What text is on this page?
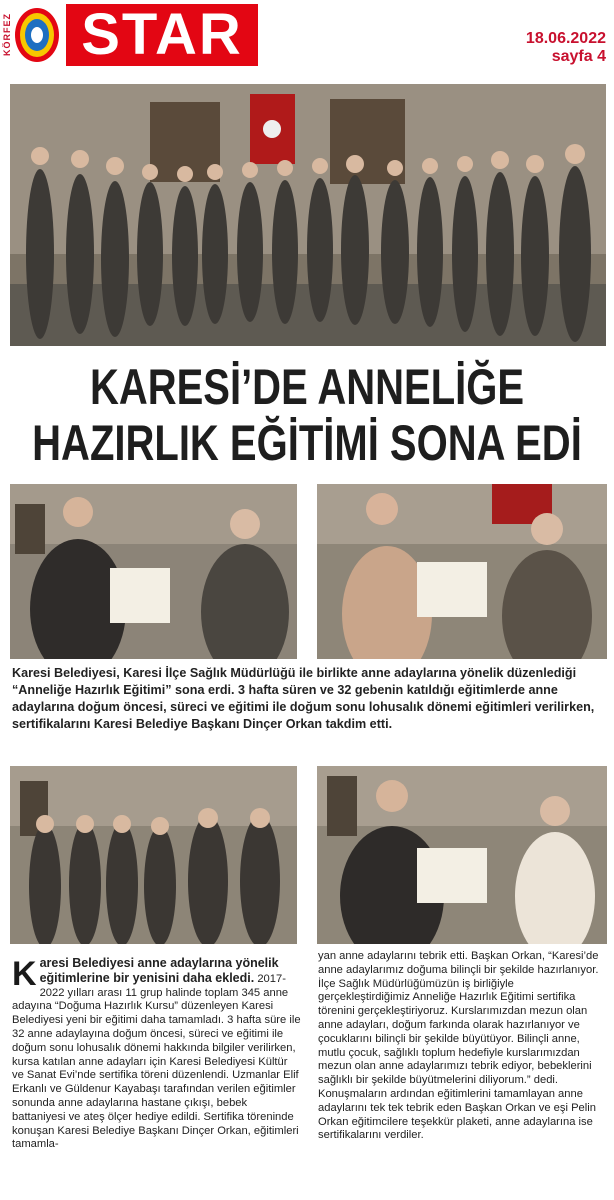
KÖRFEZ STAR	18.06.2022
sayfa 4
KARESİ’DE ANNELİĞE
HAZIRLIK EĞİTİMİ SONA EDİ
Karesi Belediyesi, Karesi İlçe Sağlık Müdürlüğü ile birlikte anne adaylarına yönelik düzenlediği “Anneliğe Hazırlık Eğitimi” sona erdi. 3 hafta süren ve 32 gebenin katıldığı eğitimlerde anne adaylarına doğum öncesi, süreci ve eğitimi ile doğum sonu lohusalık dönemi eğitimleri verilirken, sertifikalarını Karesi Belediye Başkanı Dinçer Orkan takdim etti.
Karesi Belediyesi anne adaylarına yönelik eğitimlerine bir yenisini daha ekledi. 2017-2022 yılları arası 11 grup halinde toplam 345 anne adayına “Doğuma Hazırlık Kursu” düzenleyen Karesi Belediyesi yeni bir eğitimi daha tamamladı. 3 hafta süre ile 32 anne adaylayına doğum öncesi, süreci ve eğitimi ile doğum sonu lohusalık dönemi hakkında bilgiler verilirken, kursa katılan anne adayları için Karesi Belediyesi Kültür ve Sanat Evi’nde sertifika töreni düzenlendi. Uzmanlar Elif Erkanlı ve Güldenur Kayabaşı tarafından verilen eğitimler sonunda anne adaylarına hastane çıkışı, bebek battaniyesi ve ateş ölçer hediye edildi. Sertifika töreninde konuşan Karesi Belediye Başkanı Dinçer Orkan, eğitimleri tamamla-
yan anne adaylarını tebrik etti. Başkan Orkan, “Karesi’de anne adaylarımız doğuma bilinçli bir şekilde hazırlanıyor. İlçe Sağlık Müdürlüğümüzün iş birliğiyle gerçekleştirdiğimiz Anneliğe Hazırlık Eğitimi sertifika törenini gerçekleştiriyoruz. Kurslarımızdan mezun olan anne adayları, doğum farkında olarak hazırlanıyor ve çocuklarını bilinçli bir şekilde büyütüyor. Bilinçli anne, mutlu çocuk, sağlıklı toplum hedefiyle kurslarımızdan mezun olan anne adaylarımızı tebrik ediyor, bebeklerini sağlıklı bir şekilde büyütmelerini diliyorum.” dedi. Konuşmaların ardından eğitimlerini tamamlayan anne adaylarını tek tek tebrik eden Başkan Orkan ve eşi Pelin Orkan eğitimcilere teşekkür plaketi, anne adaylarına ise sertifikalarını verdiler.
